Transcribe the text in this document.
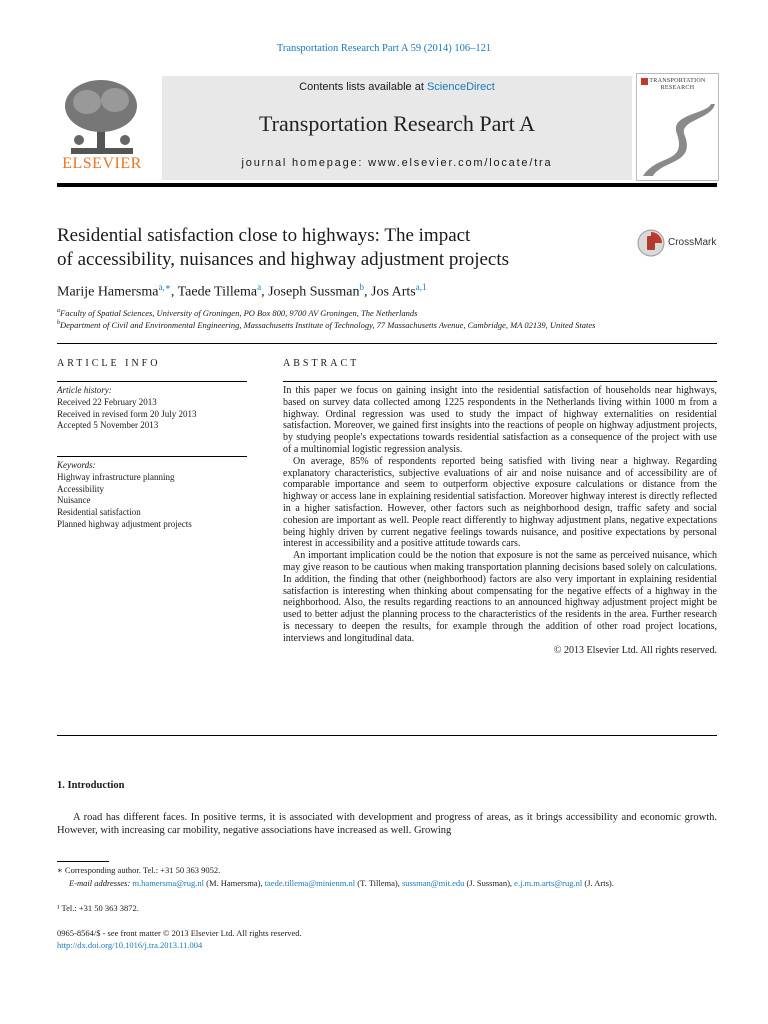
Transportation Research Part A 59 (2014) 106–121
ELSEVIER
Contents lists available at ScienceDirect
Transportation Research Part A
journal homepage: www.elsevier.com/locate/tra
TRANSPORTATION
RESEARCH
Residential satisfaction close to highways: The impact
of accessibility, nuisances and highway adjustment projects
CrossMark
Marije Hamersma$^{a,∗}$, Taede Tillema$^a$, Joseph Sussman$^b$, Jos Arts$^{a,1}$
$^a$Faculty of Spatial Sciences, University of Groningen, PO Box 800, 9700 AV Groningen, The Netherlands
$^b$Department of Civil and Environmental Engineering, Massachusetts Institute of Technology, 77 Massachusetts Avenue, Cambridge, MA 02139, United States
ARTICLE INFO
Article history:
Received 22 February 2013
Received in revised form 20 July 2013
Accepted 5 November 2013
Keywords:
Highway infrastructure planning
Accessibility
Nuisance
Residential satisfaction
Planned highway adjustment projects
ABSTRACT

In this paper we focus on gaining insight into the residential satisfaction of households near highways, based on survey data collected among 1225 respondents in the Netherlands living within 1000 m from a highway. Ordinal regression was used to study the impact of highway externalities on residential satisfaction. Moreover, we gained first insights into the reactions of people on highway adjustment projects, by studying people's expectations towards residential satisfaction as a consequence of the project with use of a multinomial logistic regression analysis.

On average, 85% of respondents reported being satisfied with living near a highway. Regarding explanatory characteristics, subjective evaluations of air and noise nuisance and of accessibility are of comparable importance and seem to outperform objective exposure calculations or distance from the highway or access lane in explaining residential satisfaction. Moreover highway interest is directly reflected in a higher satisfaction. However, other factors such as neighborhood design, traffic safety and social cohesion are important as well. People react differently to highway adjustment plans, negative expectations being highly driven by current negative feelings towards nuisance, and positive expectations by personal interest in accessibility and a positive attitude towards cars.

An important implication could be the notion that exposure is not the same as perceived nuisance, which may give reason to be cautious when making transportation planning decisions based solely on calculations. In addition, the finding that other (neighborhood) factors are also very important in explaining residential satisfaction is interesting when thinking about compensating for the negative effects of a highway in the neighborhood. Also, the results regarding reactions to an announced highway adjustment project might be used to better adjust the planning process to the characteristics of the residents in the area. Further research is necessary to deepen the results, for example through the addition of other road project locations, interviews and longitudinal data.

© 2013 Elsevier Ltd. All rights reserved.

1. Introduction
A road has different faces. In positive terms, it is associated with development and progress of areas, as it brings accessibility and economic growth. However, with increasing car mobility, negative associations have increased as well. Growing
∗ Corresponding author. Tel.: +31 50 363 9052.
E-mail addresses: m.hamersma@rug.nl (M. Hamersma), taede.tillema@minienm.nl (T. Tillema), sussman@mit.edu (J. Sussman), e.j.m.m.arts@rug.nl (J. Arts).
¹ Tel.: +31 50 363 3872.
0965-8564/$ - see front matter © 2013 Elsevier Ltd. All rights reserved.
http://dx.doi.org/10.1016/j.tra.2013.11.004
